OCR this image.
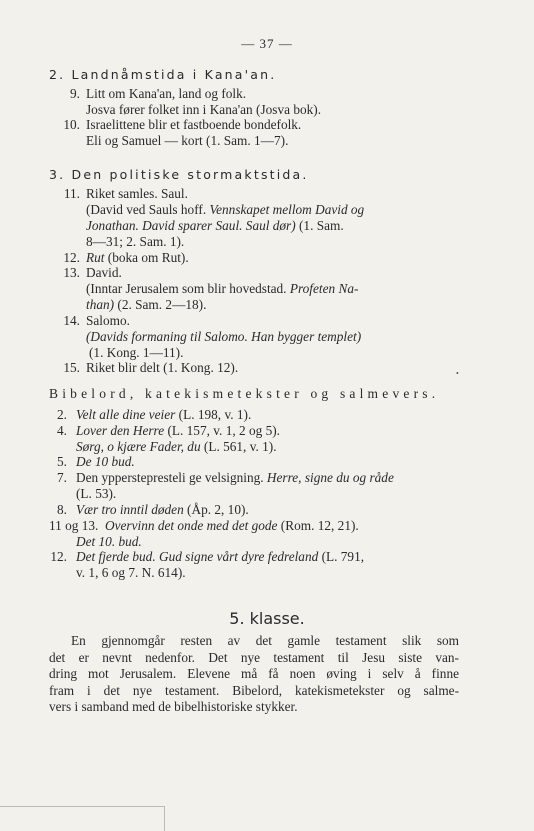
— 37 —
2. Landnåmstida i Kana'an.
9. Litt om Kana'an, land og folk.
Josva fører folket inn i Kana'an (Josva bok).
10. Israelittene blir et fastboende bondefolk.
Eli og Samuel — kort (1. Sam. 1—7).
3. Den politiske stormaktstida.
11. Riket samles. Saul.
(David ved Sauls hoff. Vennskapet mellom David og
Jonathan. David sparer Saul. Saul dør) (1. Sam.
8—31; 2. Sam. 1).
12. Rut (boka om Rut).
13. David.
(Inntar Jerusalem som blir hovedstad. Profeten Na-
than) (2. Sam. 2—18).
14. Salomo.
(Davids formaning til Salomo. Han bygger templet)
(1. Kong. 1—11).
15. Riket blir delt (1. Kong. 12).	•
Bibelord, katekismetekster og salmevers.
2. Velt alle dine veier (L. 198, v. 1).
4. Lover den Herre (L. 157, v. 1, 2 og 5).
Sørg, o kjære Fader, du (L. 561, v. 1).
5. De 10 bud.
7. Den ypperstepresteli ge velsigning. Herre, signe du og råde
(L. 53).
8. Vær tro inntil døden (Åp. 2, 10).
11 og 13. Overvinn det onde med det gode (Rom. 12, 21).
Det 10. bud.
12. Det fjerde bud. Gud signe vårt dyre fedreland (L. 791,
v. 1, 6 og 7. N. 614).
5. klasse.
En gjennomgår resten av det gamle testament slik som
det er nevnt nedenfor. Det nye testament til Jesu siste van-
dring mot Jerusalem. Elevene må få noen øving i selv å finne
fram i det nye testament. Bibelord, katekismetekster og salme-
vers i samband med de bibelhistoriske stykker.
